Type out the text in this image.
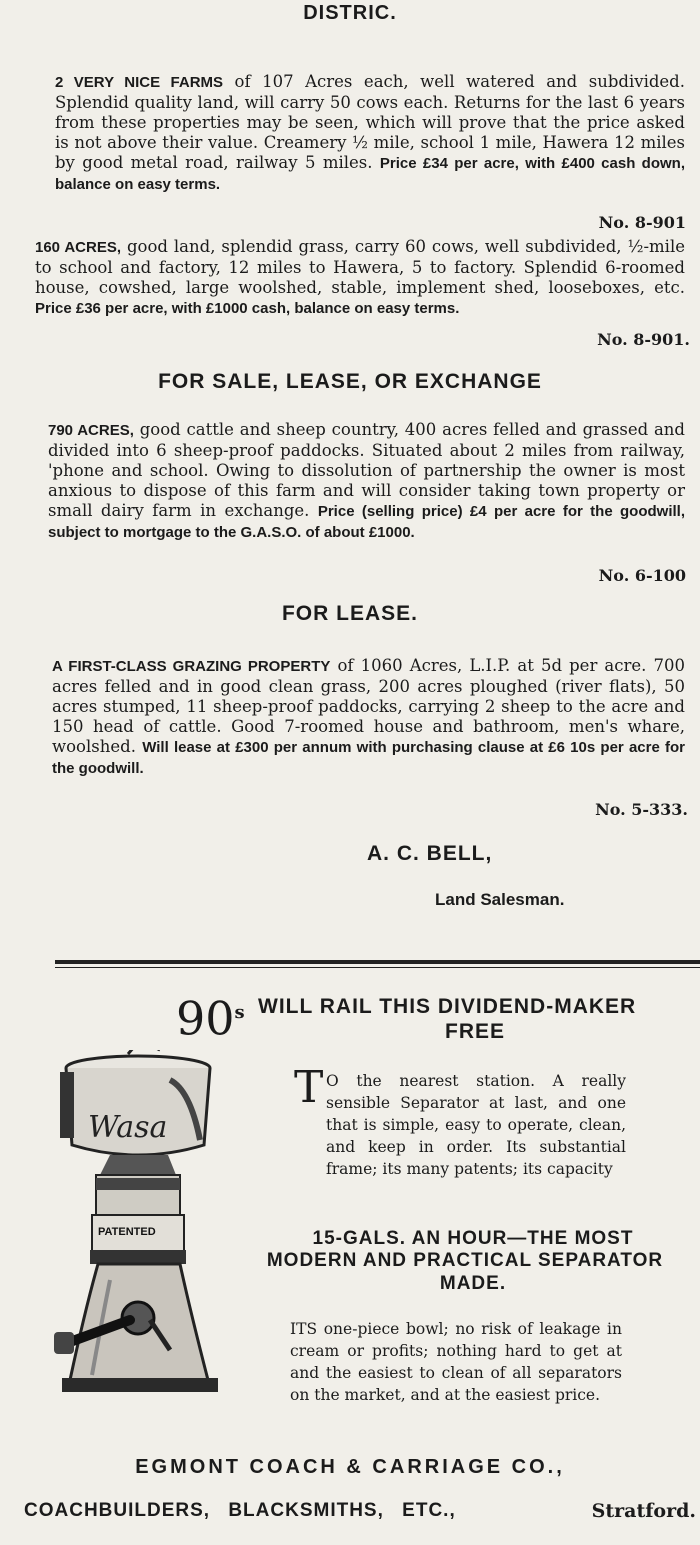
DISTRIC.
2 VERY NICE FARMS of 107 Acres each, well watered and subdivided. Splendid quality land, will carry 50 cows each. Returns for the last 6 years from these properties may be seen, which will prove that the price asked is not above their value. Creamery ½ mile, school 1 mile, Hawera 12 miles by good metal road, railway 5 miles. Price £34 per acre, with £400 cash down, balance on easy terms.
No. 8-901
160 ACRES, good land, splendid grass, carry 60 cows, well subdivided, ½-mile to school and factory, 12 miles to Hawera, 5 to factory. Splendid 6-roomed house, cowshed, large woolshed, stable, implement shed, looseboxes, etc. Price £36 per acre, with £1000 cash, balance on easy terms.
No. 8-901.
FOR SALE, LEASE, OR EXCHANGE
790 ACRES, good cattle and sheep country, 400 acres felled and grassed and divided into 6 sheep-proof paddocks. Situated about 2 miles from railway, 'phone and school. Owing to dissolution of partnership the owner is most anxious to dispose of this farm and will consider taking town property or small dairy farm in exchange. Price (selling price) £4 per acre for the goodwill, subject to mortgage to the G.A.S.O. of about £1000.
No. 6-100
FOR LEASE.
A FIRST-CLASS GRAZING PROPERTY of 1060 Acres, L.I.P. at 5d per acre. 700 acres felled and in good clean grass, 200 acres ploughed (river flats), 50 acres stumped, 11 sheep-proof paddocks, carrying 2 sheep to the acre and 150 head of cattle. Good 7-roomed house and bathroom, men's whare, woolshed. Will lease at £300 per annum with purchasing clause at £6 10s per acre for the goodwill.
No. 5-333.
A. C. BELL,
Land Salesman.
90$^s$ WILL RAIL THIS DIVIDEND-MAKER
FREE
Wasa
PATENTED
T O the nearest station. A really sensible Separator at last, and one that is simple, easy to operate, clean, and keep in order. Its substantial frame; its many patents; its capacity
15-GALS. AN HOUR—THE MOST
MODERN AND PRACTICAL SEPARATOR
MADE.
ITS one-piece bowl; no risk of leakage in cream or profits; nothing hard to get at and the easiest to clean of all separators on the market, and at the easiest price.
EGMONT COACH & CARRIAGE CO.,
COACHBUILDERS, BLACKSMITHS, ETC.,	Stratford.
